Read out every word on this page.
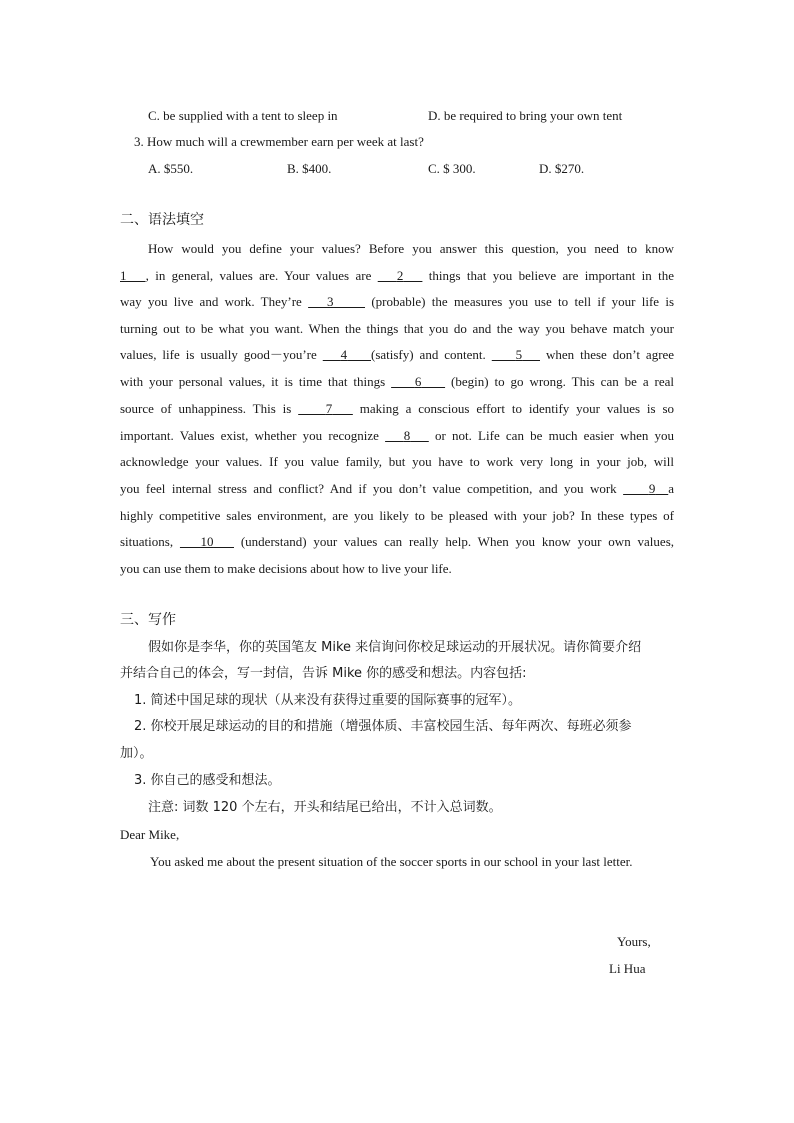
C. be supplied with a tent to sleep in	D. be required to bring your own tent
3. How much will a crewmember earn per week at last?
A. $550.	B. $400.	C. $ 300.	D. $270.
二、语法填空
How would you define your values? Before you answer this question, you need to know
1 , in general, values are. Your values are 2 things that you believe are important in the
way you live and work. They’re 3	(probable) the measures you use to tell if your life is
turning out to be what you want. When the things that you do and the way you behave match your
values, life is usually good－you’re 4 (satisfy) and content. 5 when these don’t agree
with your personal values, it is time that things 6 (begin) to go wrong. This can be a real
source of unhappiness. This is	7 making a conscious effort to identify your values is so
important. Values exist, whether you recognize 8 or not. Life can be much easier when you
acknowledge your values. If you value family, but you have to work very long in your job, will
you feel internal stress and conflict? And if you don’t value competition, and you work 9 a
highly competitive sales environment, are you likely to be pleased with your job? In these types of
situations, 10 (understand) your values can really help. When you know your own values,
you can use them to make decisions about how to live your life.
三、写作
假如你是李华，你的英国笔友 Mike 来信询问你校足球运动的开展状况。请你简要介绍
并结合自己的体会，写一封信，告诉 Mike 你的感受和想法。内容包括:
1. 简述中国足球的现状（从来没有获得过重要的国际赛事的冠军）。
2. 你校开展足球运动的目的和措施（增强体质、丰富校园生活、每年两次、每班必须参
加）。
3. 你自己的感受和想法。
注意: 词数 120 个左右，开头和结尾已给出，不计入总词数。
Dear Mike,
You asked me about the present situation of the soccer sports in our school in your last letter.
Yours,
Li Hua
